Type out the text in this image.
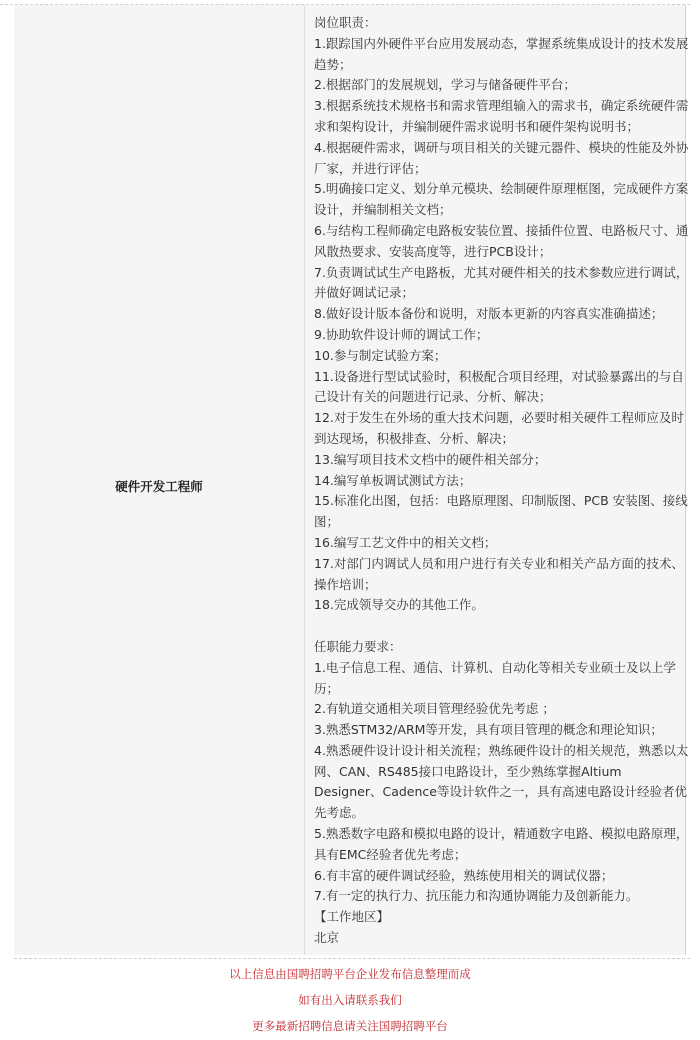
硬件开发工程师

岗位职责：

1.跟踪国内外硬件平台应用发展动态，掌握系统集成设计的技术发展趋势；

2.根据部门的发展规划，学习与储备硬件平台；

3.根据系统技术规格书和需求管理组输入的需求书，确定系统硬件需求和架构设计，并编制硬件需求说明书和硬件架构说明书；

4.根据硬件需求，调研与项目相关的关键元器件、模块的性能及外协厂家，并进行评估；

5.明确接口定义、划分单元模块、绘制硬件原理框图，完成硬件方案设计，并编制相关文档；

6.与结构工程师确定电路板安装位置、接插件位置、电路板尺寸、通风散热要求、安装高度等，进行PCB设计；

7.负责调试试生产电路板，尤其对硬件相关的技术参数应进行调试，并做好调试记录；

8.做好设计版本备份和说明，对版本更新的内容真实准确描述；

9.协助软件设计师的调试工作；

10.参与制定试验方案；

11.设备进行型试试验时，积极配合项目经理，对试验暴露出的与自己设计有关的问题进行记录、分析、解决；

12.对于发生在外场的重大技术问题，必要时相关硬件工程师应及时到达现场，积极排查、分析、解决；

13.编写项目技术文档中的硬件相关部分；

14.编写单板调试测试方法；

15.标准化出图，包括：电路原理图、印制版图、PCB 安装图、接线图；

16.编写工艺文件中的相关文档；

17.对部门内调试人员和用户进行有关专业和相关产品方面的技术、操作培训；

18.完成领导交办的其他工作。

任职能力要求：

1.电子信息工程、通信、计算机、自动化等相关专业硕士及以上学历；

2.有轨道交通相关项目管理经验优先考虑 ；

3.熟悉STM32/ARM等开发，具有项目管理的概念和理论知识；

4.熟悉硬件设计设计相关流程；熟练硬件设计的相关规范，熟悉以太网、CAN、RS485接口电路设计，至少熟练掌握Altium Designer、Cadence等设计软件之一，具有高速电路设计经验者优先考虑。

5.熟悉数字电路和模拟电路的设计，精通数字电路、模拟电路原理，具有EMC经验者优先考虑；

6.有丰富的硬件调试经验，熟练使用相关的调试仪器；

7.有一定的执行力、抗压能力和沟通协调能力及创新能力。

【工作地区】

北京

以上信息由国聘招聘平台企业发布信息整理而成
如有出入请联系我们
更多最新招聘信息请关注国聘招聘平台
